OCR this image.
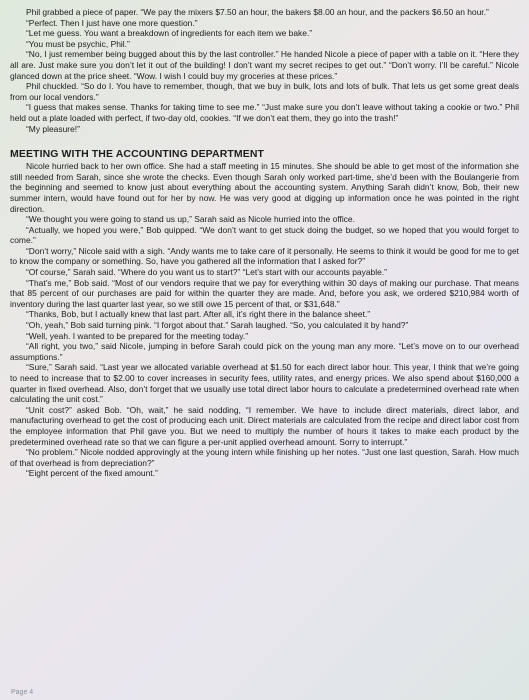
Phil grabbed a piece of paper. “We pay the mixers $7.50 an hour, the bakers $8.00 an hour, and the packers $6.50 an hour.”

“Perfect. Then I just have one more question.”

“Let me guess. You want a breakdown of ingredients for each item we bake.”

“You must be psychic, Phil.”

“No, I just remember being bugged about this by the last controller.” He handed Nicole a piece of paper with a table on it. “Here they all are. Just make sure you don’t let it out of the building! I don’t want my secret recipes to get out.” “Don’t worry. I’ll be careful.” Nicole glanced down at the price sheet. “Wow. I wish I could buy my groceries at these prices.”

Phil chuckled. “So do I. You have to remember, though, that we buy in bulk, lots and lots of bulk. That lets us get some great deals from our local vendors.”

“I guess that makes sense. Thanks for taking time to see me.” “Just make sure you don’t leave without taking a cookie or two.” Phil held out a plate loaded with perfect, if two-day old, cookies. “If we don’t eat them, they go into the trash!”

“My pleasure!”

MEETING WITH THE ACCOUNTING DEPARTMENT

Nicole hurried back to her own office. She had a staff meeting in 15 minutes. She should be able to get most of the information she still needed from Sarah, since she wrote the checks. Even though Sarah only worked part-time, she’d been with the Boulangerie from the beginning and seemed to know just about everything about the accounting system. Anything Sarah didn’t know, Bob, their new summer intern, would have found out for her by now. He was very good at digging up information once he was pointed in the right direction.

“We thought you were going to stand us up,” Sarah said as Nicole hurried into the office.

“Actually, we hoped you were,” Bob quipped. “We don’t want to get stuck doing the budget, so we hoped that you would forget to come.”

“Don’t worry,” Nicole said with a sigh. “Andy wants me to take care of it personally. He seems to think it would be good for me to get to know the company or something. So, have you gathered all the information that I asked for?”

“Of course,” Sarah said. “Where do you want us to start?” “Let’s start with our accounts payable.”

“That’s me,” Bob said. “Most of our vendors require that we pay for everything within 30 days of making our purchase. That means that 85 percent of our purchases are paid for within the quarter they are made. And, before you ask, we ordered $210,984 worth of inventory during the last quarter last year, so we still owe 15 percent of that, or $31,648.”

“Thanks, Bob, but I actually knew that last part. After all, it’s right there in the balance sheet.”

“Oh, yeah,” Bob said turning pink. “I forgot about that.” Sarah laughed. “So, you calculated it by hand?”

“Well, yeah. I wanted to be prepared for the meeting today.”

“All right, you two,” said Nicole, jumping in before Sarah could pick on the young man any more. “Let’s move on to our overhead assumptions.”

“Sure,” Sarah said. “Last year we allocated variable overhead at $1.50 for each direct labor hour. This year, I think that we’re going to need to increase that to $2.00 to cover increases in security fees, utility rates, and energy prices. We also spend about $160,000 a quarter in fixed overhead. Also, don’t forget that we usually use total direct labor hours to calculate a predetermined overhead rate when calculating the unit cost.”

“Unit cost?” asked Bob. “Oh, wait,” he said nodding, “I remember. We have to include direct materials, direct labor, and manufacturing overhead to get the cost of producing each unit. Direct materials are calculated from the recipe and direct labor cost from the employee information that Phil gave you. But we need to multiply the number of hours it takes to make each product by the predetermined overhead rate so that we can figure a per-unit applied overhead amount. Sorry to interrupt.”

“No problem.” Nicole nodded approvingly at the young intern while finishing up her notes. “Just one last question, Sarah. How much of that overhead is from depreciation?”

“Eight percent of the fixed amount.”

Page 4
